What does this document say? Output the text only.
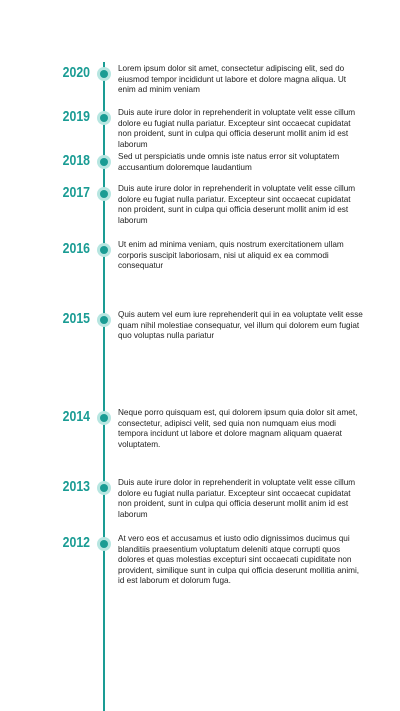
2020	Lorem ipsum dolor sit amet, consectetur adipiscing elit, sed do eiusmod tempor incididunt ut labore et dolore magna aliqua. Ut enim ad minim veniam
2019	Duis aute irure dolor in reprehenderit in voluptate velit esse cillum dolore eu fugiat nulla pariatur. Excepteur sint occaecat cupidatat non proident, sunt in culpa qui officia deserunt mollit anim id est laborum
2018	Sed ut perspiciatis unde omnis iste natus error sit voluptatem accusantium doloremque laudantium
2017	Duis aute irure dolor in reprehenderit in voluptate velit esse cillum dolore eu fugiat nulla pariatur. Excepteur sint occaecat cupidatat non proident, sunt in culpa qui officia deserunt mollit anim id est laborum
2016	Ut enim ad minima veniam, quis nostrum exercitationem ullam corporis suscipit laboriosam, nisi ut aliquid ex ea commodi consequatur
2015	Quis autem vel eum iure reprehenderit qui in ea voluptate velit esse quam nihil molestiae consequatur, vel illum qui dolorem eum fugiat quo voluptas nulla pariatur
2014	Neque porro quisquam est, qui dolorem ipsum quia dolor sit amet, consectetur, adipisci velit, sed quia non numquam eius modi tempora incidunt ut labore et dolore magnam aliquam quaerat voluptatem.
2013	Duis aute irure dolor in reprehenderit in voluptate velit esse cillum dolore eu fugiat nulla pariatur. Excepteur sint occaecat cupidatat non proident, sunt in culpa qui officia deserunt mollit anim id est laborum
2012	At vero eos et accusamus et iusto odio dignissimos ducimus qui blanditiis praesentium voluptatum deleniti atque corrupti quos dolores et quas molestias excepturi sint occaecati cupiditate non provident, similique sunt in culpa qui officia deserunt mollitia animi, id est laborum et dolorum fuga.
